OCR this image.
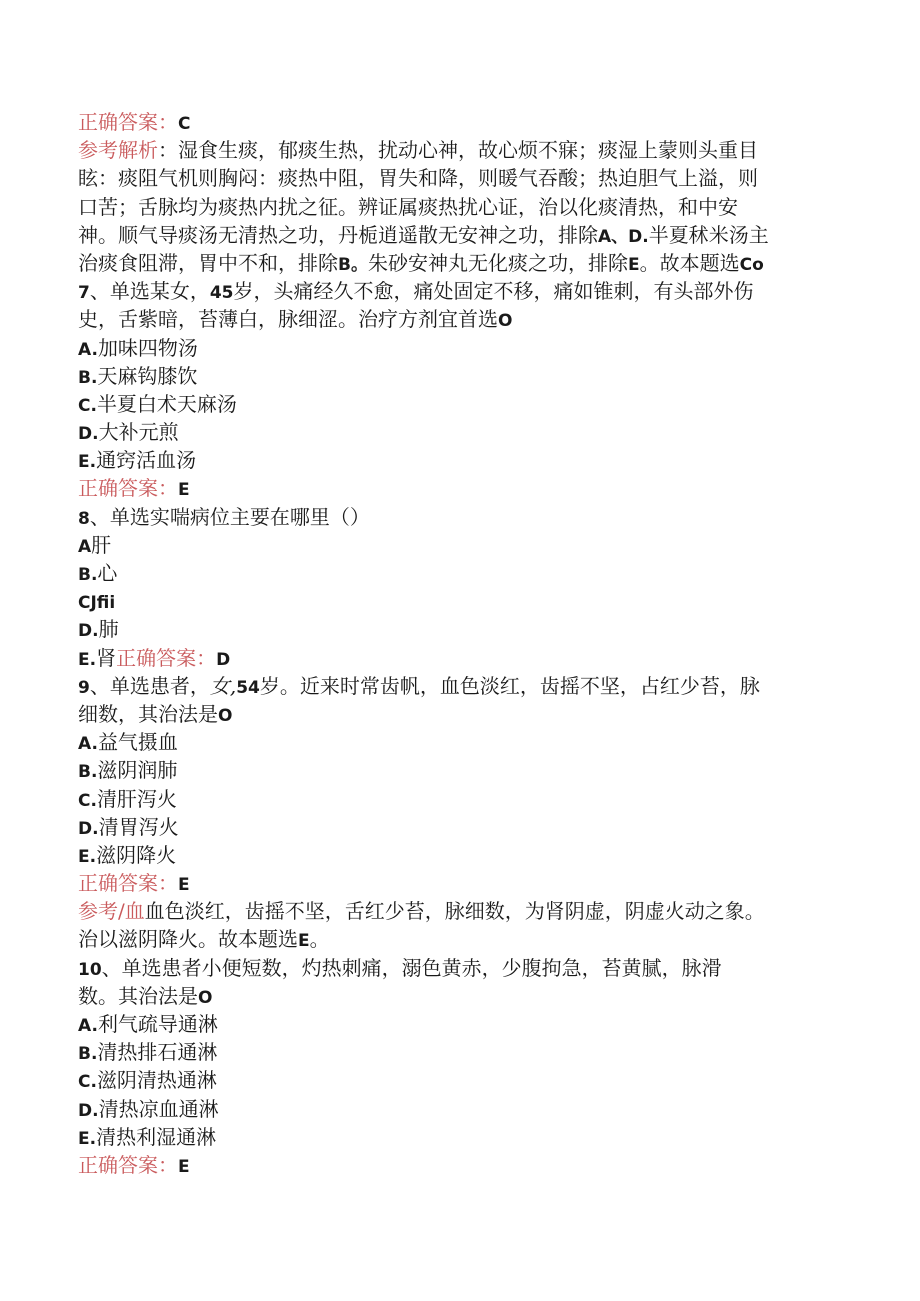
正确答案：C
参考解析：湿食生痰，郁痰生热，扰动心神，故心烦不寐；痰湿上蒙则头重目
眩：痰阻气机则胸闷：痰热中阻，胃失和降，则暖气吞酸；热迫胆气上溢，则
口苦；舌脉均为痰热内扰之征。辨证属痰热扰心证，治以化痰清热，和中安
神。顺气导痰汤无清热之功，丹栀逍遥散无安神之功，排除A、D.半夏秫米汤主
治痰食阻滞，胃中不和，排除B。朱砂安神丸无化痰之功，排除E。故本题选Co
7、单选某女，45岁，头痛经久不愈，痛处固定不移，痛如锥刺，有头部外伤
史，舌紫暗，苔薄白，脉细涩。治疗方剂宜首选O
A.加味四物汤
B.天麻钩膝饮
C.半夏白术天麻汤
D.大补元煎
E.通窍活血汤
正确答案：E
8、单选实喘病位主要在哪里（）
A肝
B.心
CJfii
D.肺
E.肾正确答案：D
9、单选患者，女,54岁。近来时常齿帆，血色淡红，齿摇不坚，占红少苔，脉
细数，其治法是O
A.益气摄血
B.滋阴润肺
C.清肝泻火
D.清胃泻火
E.滋阴降火
正确答案：E
参考/血血色淡红，齿摇不坚，舌红少苔，脉细数，为肾阴虚，阴虚火动之象。
治以滋阴降火。故本题选E。
10、单选患者小便短数，灼热刺痛，溺色黄赤，少腹拘急，苔黄腻，脉滑
数。其治法是O
A.利气疏导通淋
B.清热排石通淋
C.滋阴清热通淋
D.清热凉血通淋
E.清热利湿通淋
正确答案：E
